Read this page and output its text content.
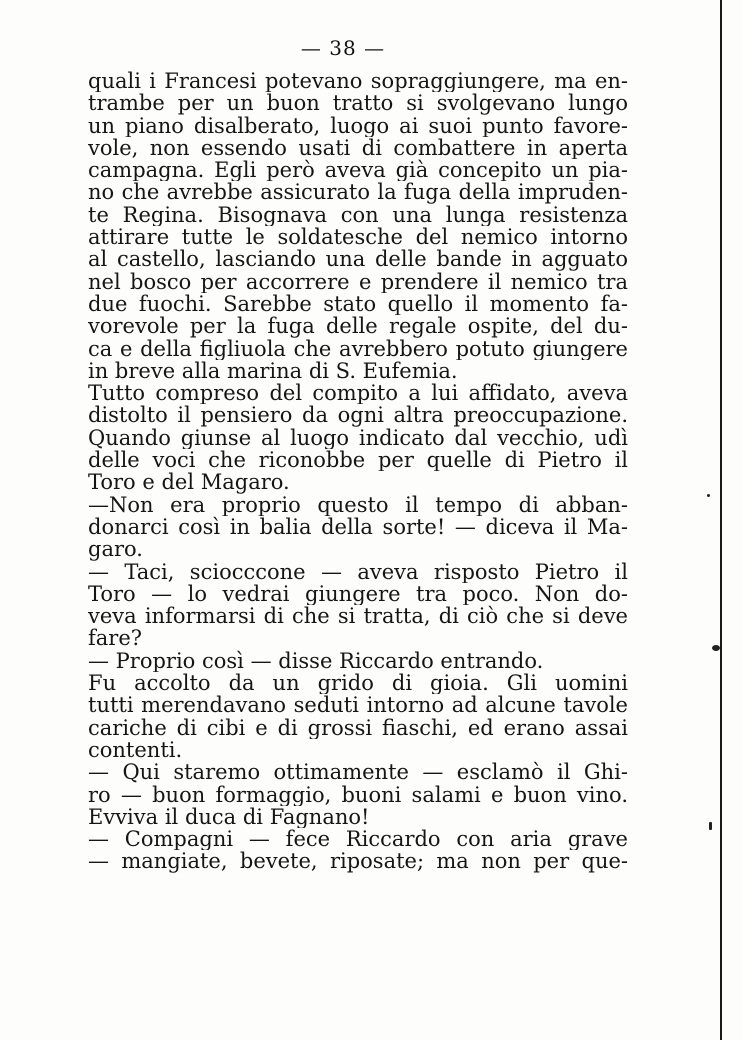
— 38 —
quali i Francesi potevano sopraggiungere, ma en-
trambe per un buon tratto si svolgevano lungo
un piano disalberato, luogo ai suoi punto favore-
vole, non essendo usati di combattere in aperta
campagna. Egli però aveva già concepito un pia-
no che avrebbe assicurato la fuga della impruden-
te Regina. Bisognava con una lunga resistenza
attirare tutte le soldatesche del nemico intorno
al castello, lasciando una delle bande in agguato
nel bosco per accorrere e prendere il nemico tra
due fuochi. Sarebbe stato quello il momento fa-
vorevole per la fuga delle regale ospite, del du-
ca e della figliuola che avrebbero potuto giungere
in breve alla marina di S. Eufemia.
Tutto compreso del compito a lui affidato, aveva
distolto il pensiero da ogni altra preoccupazione.
Quando giunse al luogo indicato dal vecchio, udì
delle voci che riconobbe per quelle di Pietro il
Toro e del Magaro.
—Non era proprio questo il tempo di abban-
donarci così in balia della sorte! — diceva il Ma-
garo.
— Taci, sciocccone — aveva risposto Pietro il
Toro — lo vedrai giungere tra poco. Non do-
veva informarsi di che si tratta, di ciò che si deve
fare?
— Proprio così — disse Riccardo entrando.
Fu accolto da un grido di gioia. Gli uomini
tutti merendavano seduti intorno ad alcune tavole
cariche di cibi e di grossi fiaschi, ed erano assai
contenti.
— Qui staremo ottimamente — esclamò il Ghi-
ro — buon formaggio, buoni salami e buon vino.
Evviva il duca di Fagnano!
— Compagni — fece Riccardo con aria grave
— mangiate, bevete, riposate; ma non per que-
